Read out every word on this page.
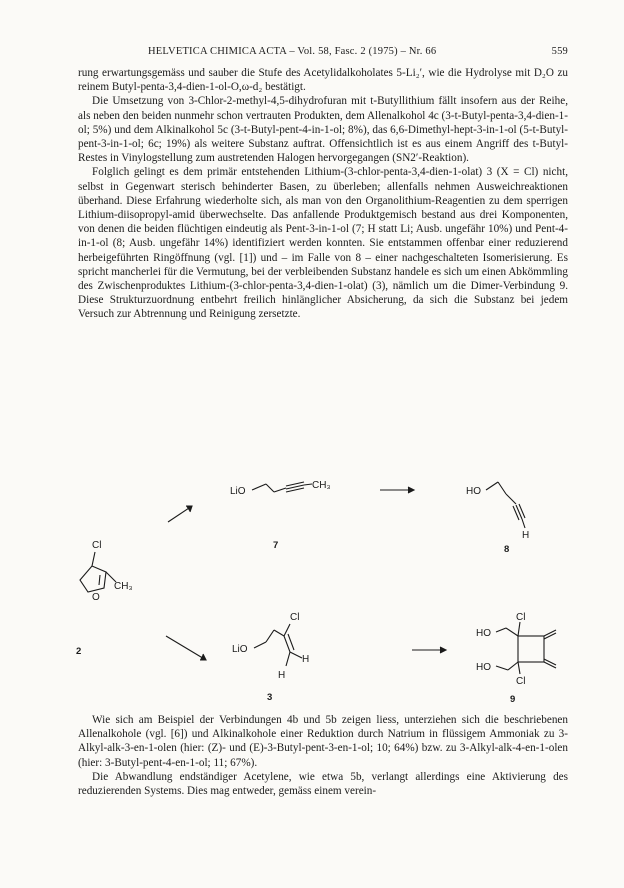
HELVETICA CHIMICA ACTA – Vol. 58, Fasc. 2 (1975) – Nr. 66	559

rung erwartungsgemäss und sauber die Stufe des Acetylidalkoholates 5-Li₂′, wie die Hydrolyse mit D₂O zu reinem Butyl-penta-3,4-dien-1-ol-O,ω-d₂ bestätigt.

Die Umsetzung von 3-Chlor-2-methyl-4,5-dihydrofuran mit t-Butyllithium fällt insofern aus der Reihe, als neben den beiden nunmehr schon vertrauten Produkten, dem Allenalkohol 4c (3-t-Butyl-penta-3,4-dien-1-ol; 5%) und dem Alkinalkohol 5c (3-t-Butyl-pent-4-in-1-ol; 8%), das 6,6-Dimethyl-hept-3-in-1-ol (5-t-Butyl-pent-3-in-1-ol; 6c; 19%) als weitere Substanz auftrat. Offensichtlich ist es aus einem Angriff des t-Butyl-Restes in Vinylogstellung zum austretenden Halogen hervorgegangen (SN2′-Reaktion).

Folglich gelingt es dem primär entstehenden Lithium-(3-chlor-penta-3,4-dien-1-olat) 3 (X = Cl) nicht, selbst in Gegenwart sterisch behinderter Basen, zu überleben; allenfalls nehmen Ausweichreaktionen überhand. Diese Erfahrung wiederholte sich, als man von den Organolithium-Reagentien zu dem sperrigen Lithium-diisopropyl-amid überwechselte. Das anfallende Produktgemisch bestand aus drei Komponenten, von denen die beiden flüchtigen eindeutig als Pent-3-in-1-ol (7; H statt Li; Ausb. ungefähr 10%) und Pent-4-in-1-ol (8; Ausb. ungefähr 14%) identifiziert werden konnten. Sie entstammen offenbar einer reduzierend herbeigeführten Ringöffnung (vgl. [1]) und – im Falle von 8 – einer nachgeschalteten Isomerisierung. Es spricht mancherlei für die Vermutung, bei der verbleibenden Substanz handele es sich um einen Abkömmling des Zwischenproduktes Lithium-(3-chlor-penta-3,4-dien-1-olat) (3), nämlich um die Dimer-Verbindung 9. Diese Strukturzuordnung entbehrt freilich hinlänglicher Absicherung, da sich die Substanz bei jedem Versuch zur Abtrennung und Reinigung zersetzte.

Cl
CH₃
O
LiO
CH₃
HO
H
LiO
Cl
H
H
HO
HO
Cl
Cl
2
7	8
3	9

Wie sich am Beispiel der Verbindungen 4b und 5b zeigen liess, unterziehen sich die beschriebenen Allenalkohole (vgl. [6]) und Alkinalkohole einer Reduktion durch Natrium in flüssigem Ammoniak zu 3-Alkyl-alk-3-en-1-olen (hier: (Z)- und (E)-3-Butyl-pent-3-en-1-ol; 10; 64%) bzw. zu 3-Alkyl-alk-4-en-1-olen (hier: 3-Butyl-pent-4-en-1-ol; 11; 67%).

Die Abwandlung endständiger Acetylene, wie etwa 5b, verlangt allerdings eine Aktivierung des reduzierenden Systems. Dies mag entweder, gemäss einem verein-
